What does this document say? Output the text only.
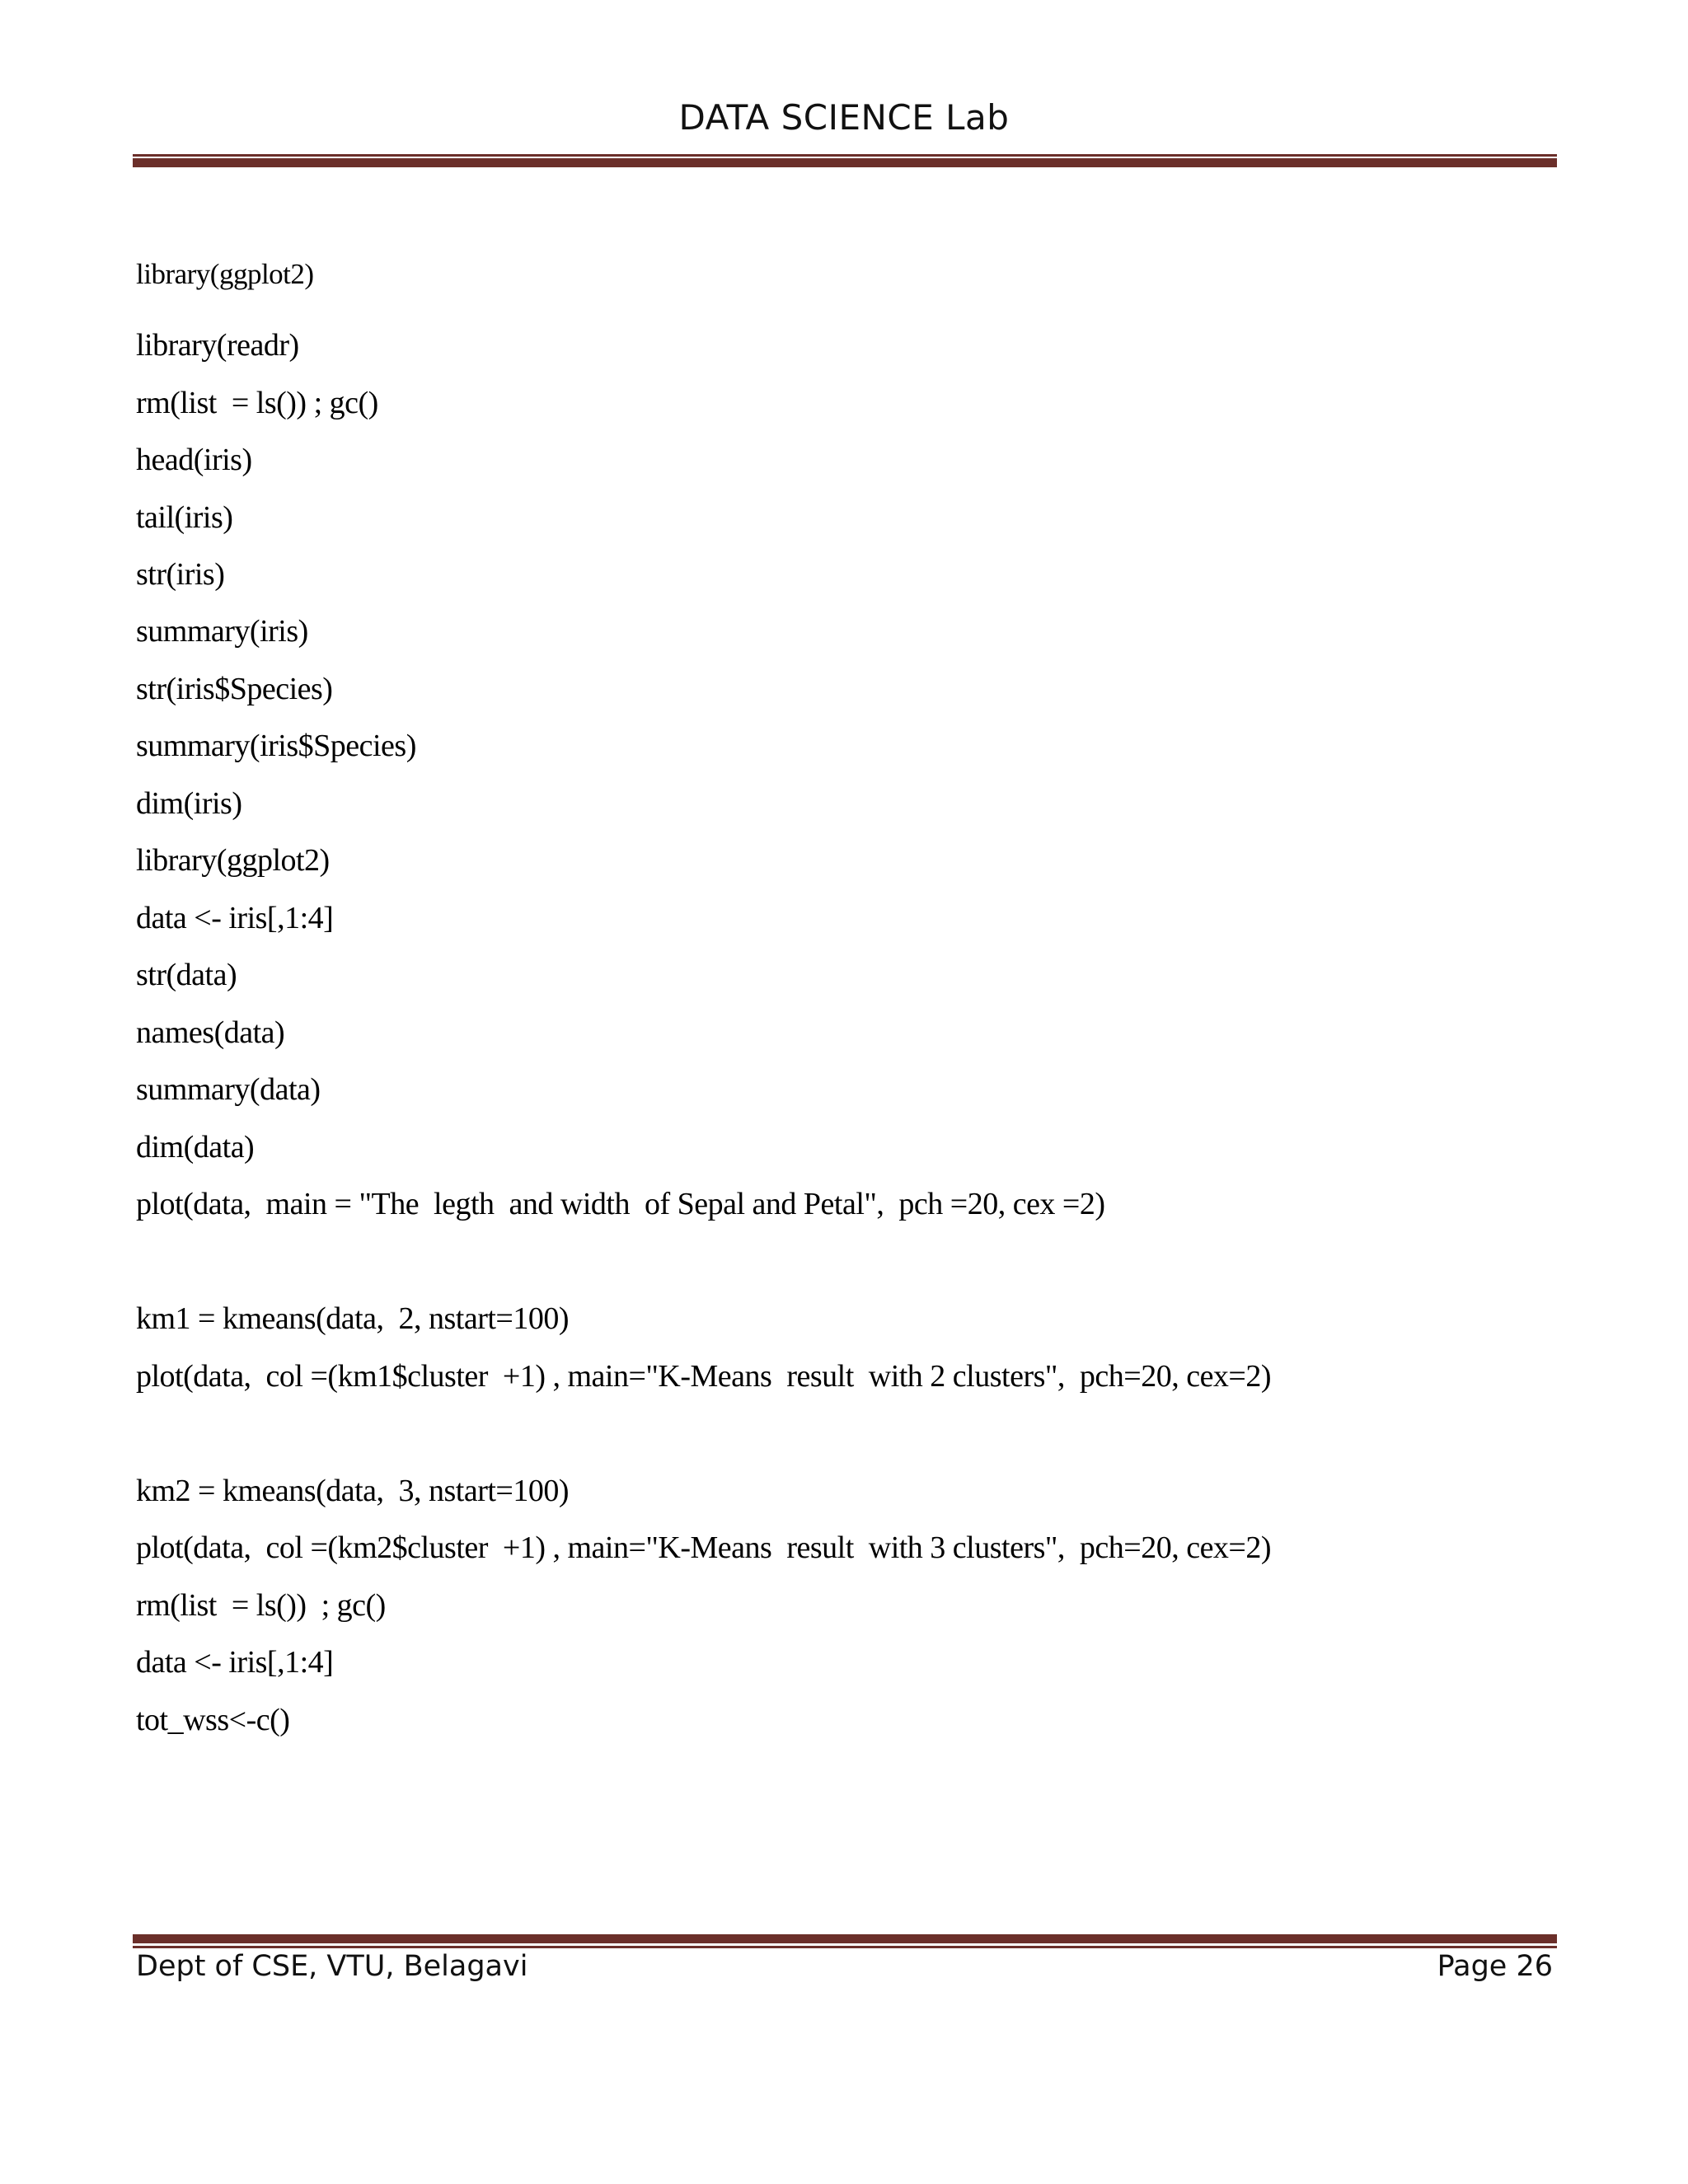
DATA SCIENCE Lab
library(ggplot2)
library(readr)
rm(list  = ls()) ; gc()
head(iris)
tail(iris)
str(iris)
summary(iris)
str(iris$Species)
summary(iris$Species)
dim(iris)
library(ggplot2)
data <- iris[,1:4]
str(data)
names(data)
summary(data)
dim(data)
plot(data,  main = "The  legth  and width  of Sepal and Petal",  pch =20, cex =2)
km1 = kmeans(data,  2, nstart=100)
plot(data,  col =(km1$cluster  +1) , main="K-Means  result  with 2 clusters",  pch=20, cex=2)
km2 = kmeans(data,  3, nstart=100)
plot(data,  col =(km2$cluster  +1) , main="K-Means  result  with 3 clusters",  pch=20, cex=2)
rm(list  = ls())  ; gc()
data <- iris[,1:4]
tot_wss<-c()
Dept of CSE, VTU, Belagavi	Page 26
